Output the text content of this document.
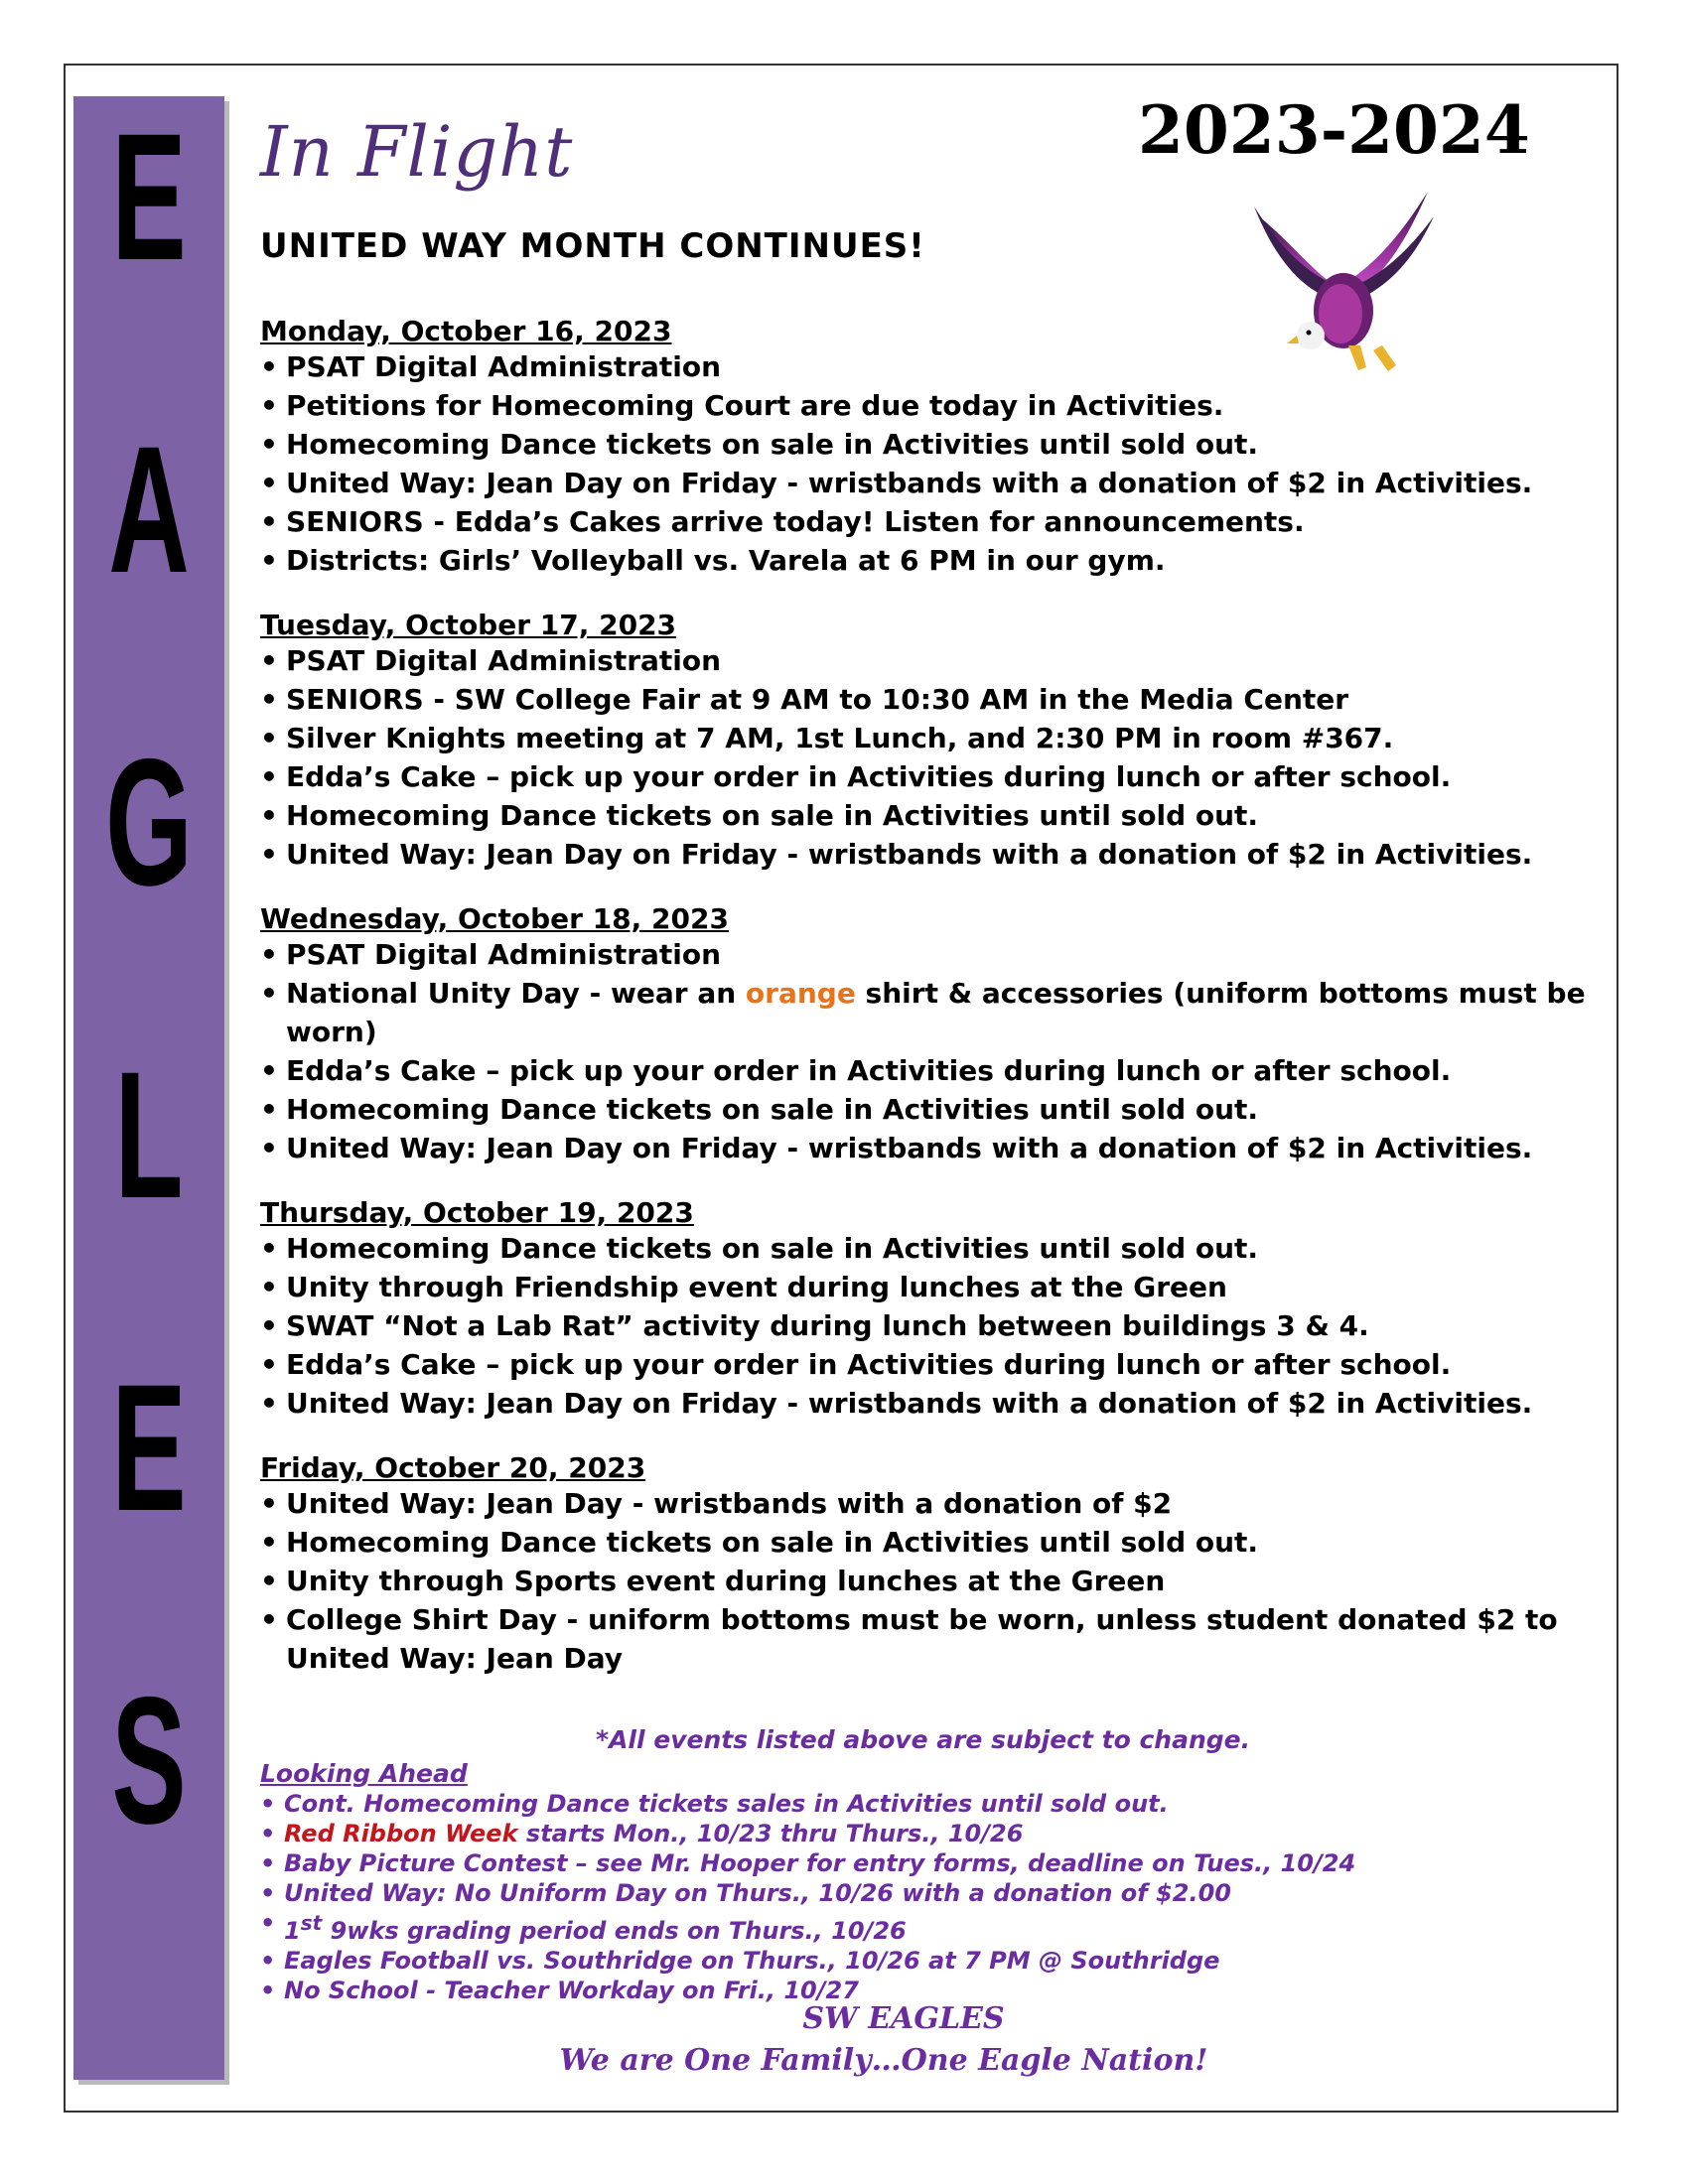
E
A
G
L
E
S
In Flight	2023-2024
UNITED WAY MONTH CONTINUES!
Monday, October 16, 2023
• PSAT Digital Administration
• Petitions for Homecoming Court are due today in Activities.
• Homecoming Dance tickets on sale in Activities until sold out.
• United Way: Jean Day on Friday - wristbands with a donation of $2 in Activities.
• SENIORS - Edda’s Cakes arrive today! Listen for announcements.
• Districts: Girls’ Volleyball vs. Varela at 6 PM in our gym.
Tuesday, October 17, 2023
• PSAT Digital Administration
• SENIORS - SW College Fair at 9 AM to 10:30 AM in the Media Center
• Silver Knights meeting at 7 AM, 1st Lunch, and 2:30 PM in room #367.
• Edda’s Cake – pick up your order in Activities during lunch or after school.
• Homecoming Dance tickets on sale in Activities until sold out.
• United Way: Jean Day on Friday - wristbands with a donation of $2 in Activities.
Wednesday, October 18, 2023
• PSAT Digital Administration
• National Unity Day - wear an orange shirt & accessories (uniform bottoms must be worn)
• Edda’s Cake – pick up your order in Activities during lunch or after school.
• Homecoming Dance tickets on sale in Activities until sold out.
• United Way: Jean Day on Friday - wristbands with a donation of $2 in Activities.
Thursday, October 19, 2023
• Homecoming Dance tickets on sale in Activities until sold out.
• Unity through Friendship event during lunches at the Green
• SWAT “Not a Lab Rat” activity during lunch between buildings 3 & 4.
• Edda’s Cake – pick up your order in Activities during lunch or after school.
• United Way: Jean Day on Friday - wristbands with a donation of $2 in Activities.
Friday, October 20, 2023
• United Way: Jean Day - wristbands with a donation of $2
• Homecoming Dance tickets on sale in Activities until sold out.
• Unity through Sports event during lunches at the Green
• College Shirt Day - uniform bottoms must be worn, unless student donated $2 to United Way: Jean Day
*All events listed above are subject to change.
Looking Ahead
• Cont. Homecoming Dance tickets sales in Activities until sold out.
• Red Ribbon Week starts Mon., 10/23 thru Thurs., 10/26
• Baby Picture Contest – see Mr. Hooper for entry forms, deadline on Tues., 10/24
• United Way: No Uniform Day on Thurs., 10/26 with a donation of $2.00
• 1st 9wks grading period ends on Thurs., 10/26
• Eagles Football vs. Southridge on Thurs., 10/26 at 7 PM @ Southridge
• No School - Teacher Workday on Fri., 10/27
SW EAGLES
We are One Family…One Eagle Nation!
